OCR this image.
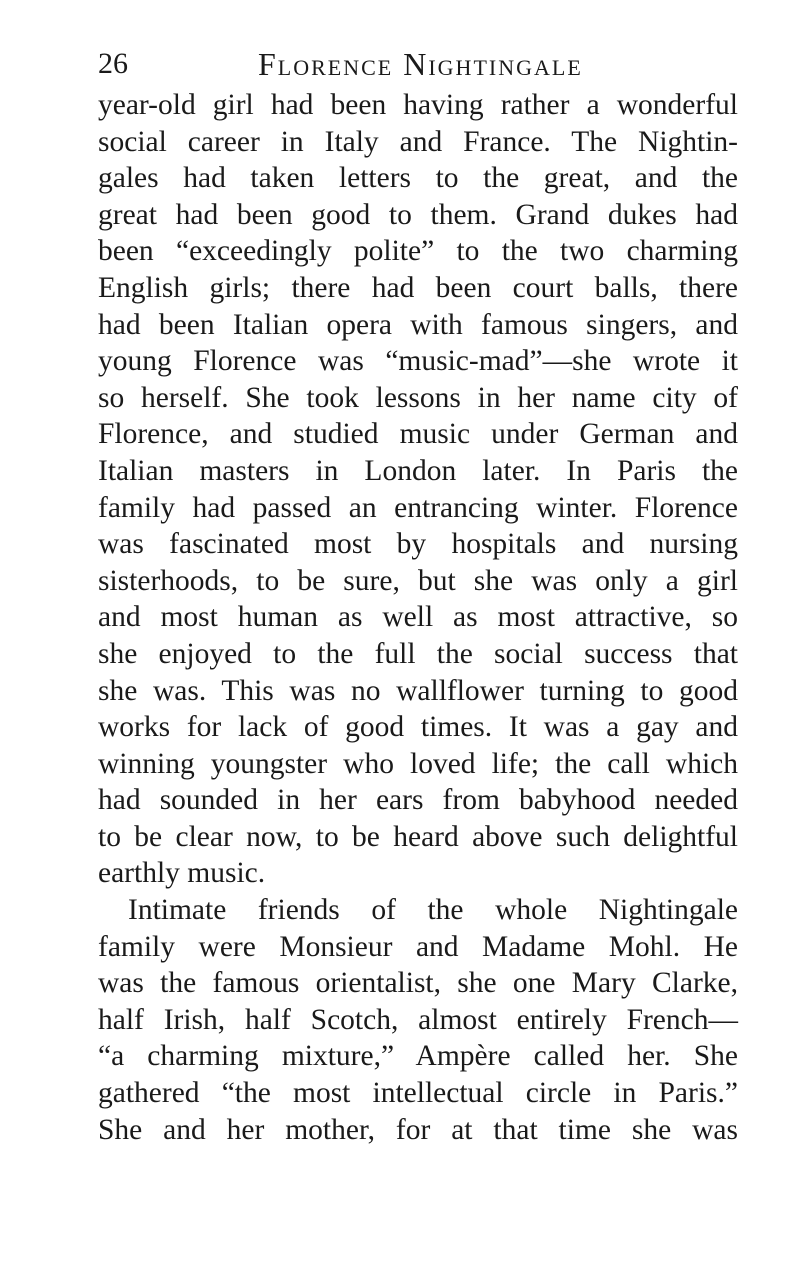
26	Florence Nightingale
year-old girl had been having rather a wonderful
social career in Italy and France. The Nightin-
gales had taken letters to the great, and the
great had been good to them. Grand dukes had
been “exceedingly polite” to the two charming
English girls; there had been court balls, there
had been Italian opera with famous singers, and
young Florence was “music-mad”—she wrote it
so herself. She took lessons in her name city of
Florence, and studied music under German and
Italian masters in London later. In Paris the
family had passed an entrancing winter. Florence
was fascinated most by hospitals and nursing
sisterhoods, to be sure, but she was only a girl
and most human as well as most attractive, so
she enjoyed to the full the social success that
she was. This was no wallflower turning to good
works for lack of good times. It was a gay and
winning youngster who loved life; the call which
had sounded in her ears from babyhood needed
to be clear now, to be heard above such delightful
earthly music.
Intimate friends of the whole Nightingale
family were Monsieur and Madame Mohl. He
was the famous orientalist, she one Mary Clarke,
half Irish, half Scotch, almost entirely French—
“a charming mixture,” Ampère called her. She
gathered “the most intellectual circle in Paris.”
She and her mother, for at that time she was
